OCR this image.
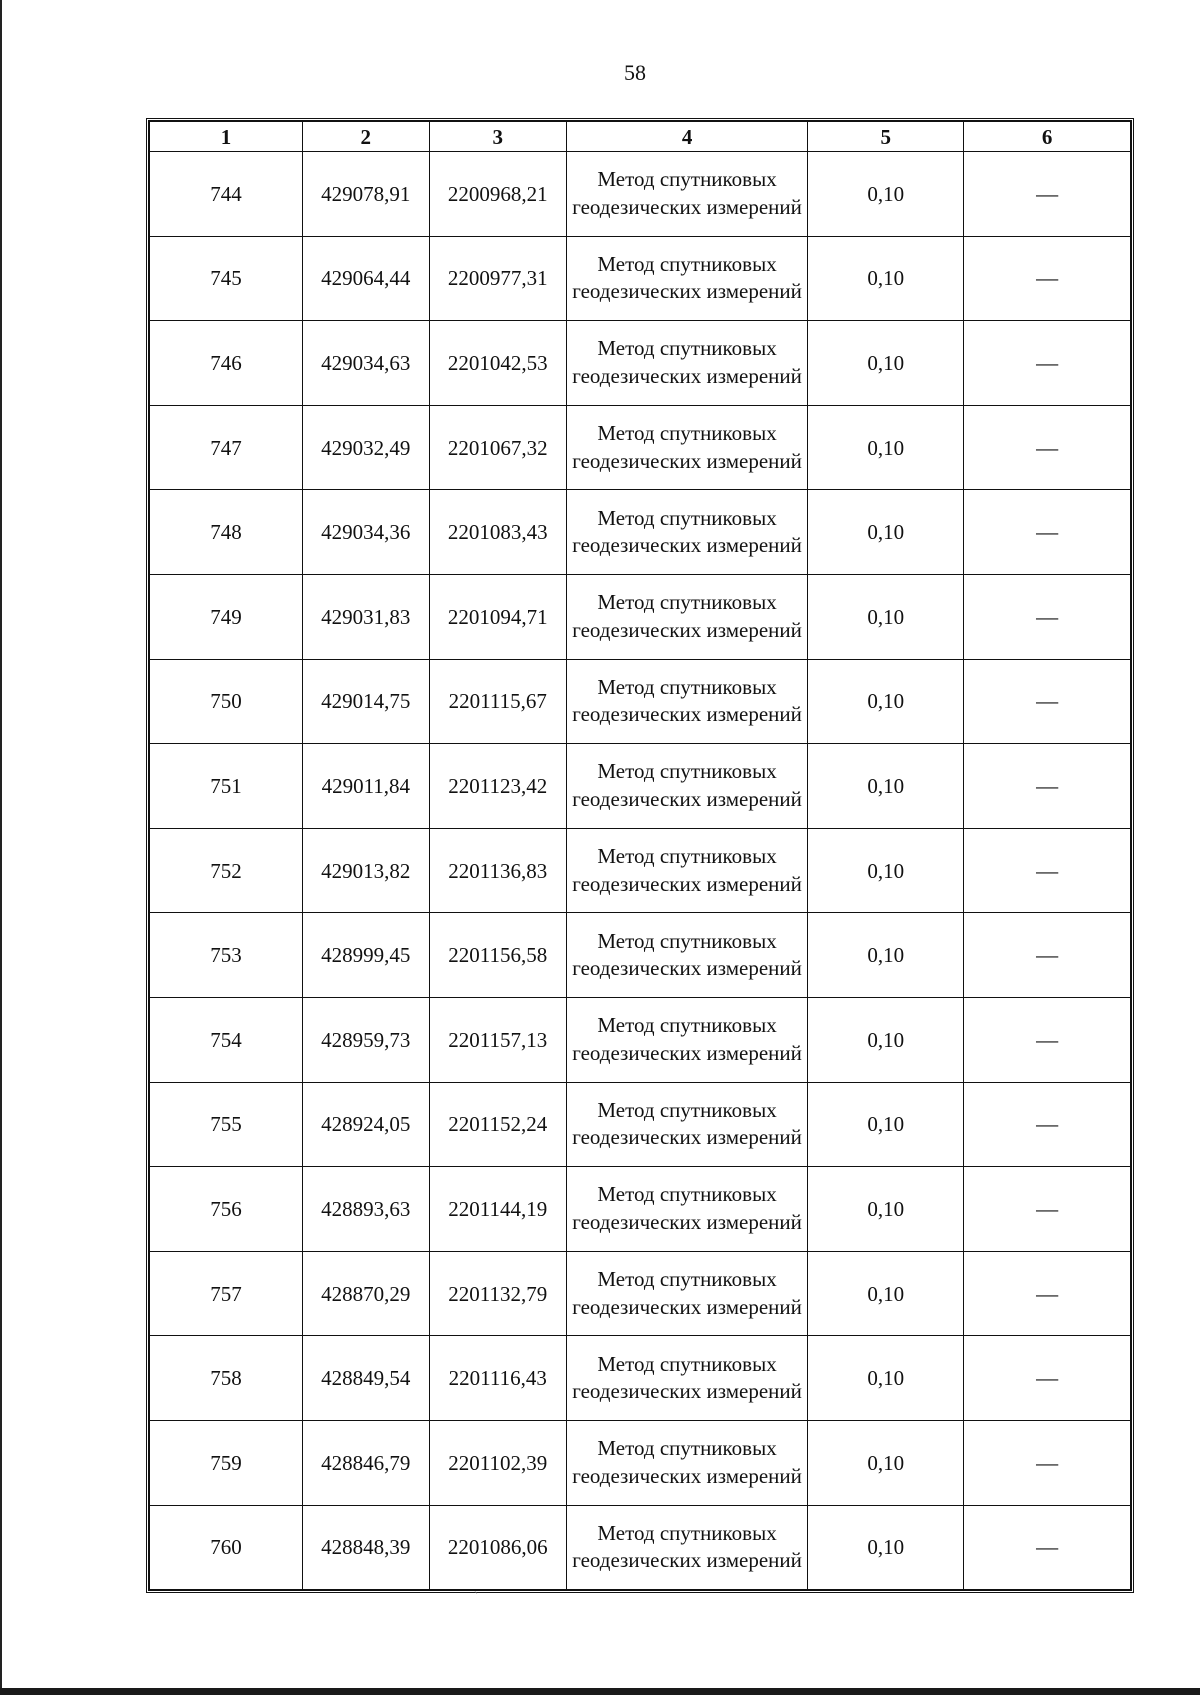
58
1	2	3	4	5	6
744	429078,91	2200968,21	Метод спутниковых геодезических измерений	0,10	—
745	429064,44	2200977,31	Метод спутниковых геодезических измерений	0,10	—
746	429034,63	2201042,53	Метод спутниковых геодезических измерений	0,10	—
747	429032,49	2201067,32	Метод спутниковых геодезических измерений	0,10	—
748	429034,36	2201083,43	Метод спутниковых геодезических измерений	0,10	—
749	429031,83	2201094,71	Метод спутниковых геодезических измерений	0,10	—
750	429014,75	2201115,67	Метод спутниковых геодезических измерений	0,10	—
751	429011,84	2201123,42	Метод спутниковых геодезических измерений	0,10	—
752	429013,82	2201136,83	Метод спутниковых геодезических измерений	0,10	—
753	428999,45	2201156,58	Метод спутниковых геодезических измерений	0,10	—
754	428959,73	2201157,13	Метод спутниковых геодезических измерений	0,10	—
755	428924,05	2201152,24	Метод спутниковых геодезических измерений	0,10	—
756	428893,63	2201144,19	Метод спутниковых геодезических измерений	0,10	—
757	428870,29	2201132,79	Метод спутниковых геодезических измерений	0,10	—
758	428849,54	2201116,43	Метод спутниковых геодезических измерений	0,10	—
759	428846,79	2201102,39	Метод спутниковых геодезических измерений	0,10	—
760	428848,39	2201086,06	Метод спутниковых геодезических измерений	0,10	—
ˏ
